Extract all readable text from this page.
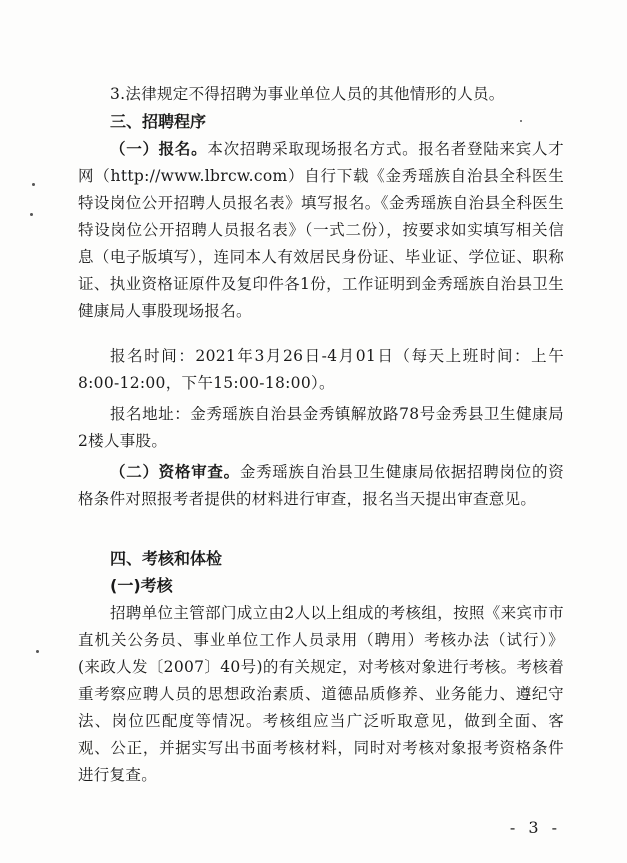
3.法律规定不得招聘为事业单位人员的其他情形的人员。
三、招聘程序
（一）报名。本次招聘采取现场报名方式。报名者登陆来宾人才网（http://www.lbrcw.com）自行下载《金秀瑶族自治县全科医生特设岗位公开招聘人员报名表》填写报名。《金秀瑶族自治县全科医生特设岗位公开招聘人员报名表》（一式二份），按要求如实填写相关信息（电子版填写），连同本人有效居民身份证、毕业证、学位证、职称证、执业资格证原件及复印件各1份，工作证明到金秀瑶族自治县卫生健康局人事股现场报名。
报名时间：2021年3月26日-4月01日（每天上班时间：上午8:00-12:00，下午15:00-18:00）。
报名地址：金秀瑶族自治县金秀镇解放路78号金秀县卫生健康局2楼人事股。
（二）资格审查。金秀瑶族自治县卫生健康局依据招聘岗位的资格条件对照报考者提供的材料进行审查，报名当天提出审查意见。
四、考核和体检
(一)考核
招聘单位主管部门成立由2人以上组成的考核组，按照《来宾市市直机关公务员、事业单位工作人员录用（聘用）考核办法（试行）》(来政人发〔2007〕40号)的有关规定，对考核对象进行考核。考核着重考察应聘人员的思想政治素质、道德品质修养、业务能力、遵纪守法、岗位匹配度等情况。考核组应当广泛听取意见，做到全面、客观、公正，并据实写出书面考核材料，同时对考核对象报考资格条件进行复查。
- 3 -
